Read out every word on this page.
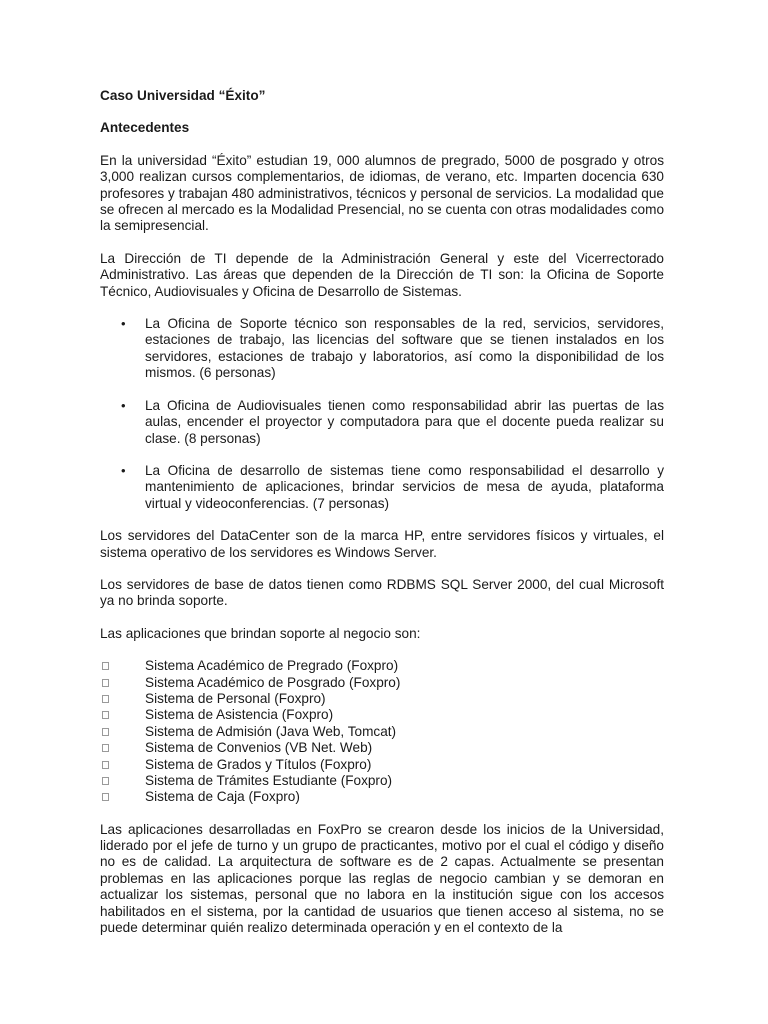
Caso Universidad “Éxito”

Antecedentes

En la universidad “Éxito” estudian 19, 000 alumnos de pregrado, 5000 de posgrado y otros 3,000 realizan cursos complementarios, de idiomas, de verano, etc. Imparten docencia 630 profesores y trabajan 480 administrativos, técnicos y personal de servicios. La modalidad que se ofrecen al mercado es la Modalidad Presencial, no se cuenta con otras modalidades como la semipresencial.

La Dirección de TI depende de la Administración General y este del Vicerrectorado Administrativo. Las áreas que dependen de la Dirección de TI son: la Oficina de Soporte Técnico, Audiovisuales y Oficina de Desarrollo de Sistemas.

• La Oficina de Soporte técnico son responsables de la red, servicios, servidores, estaciones de trabajo, las licencias del software que se tienen instalados en los servidores, estaciones de trabajo y laboratorios, así como la disponibilidad de los mismos. (6 personas)
• La Oficina de Audiovisuales tienen como responsabilidad abrir las puertas de las aulas, encender el proyector y computadora para que el docente pueda realizar su clase. (8 personas)
• La Oficina de desarrollo de sistemas tiene como responsabilidad el desarrollo y mantenimiento de aplicaciones, brindar servicios de mesa de ayuda, plataforma virtual y videoconferencias. (7 personas)

Los servidores del DataCenter son de la marca HP, entre servidores físicos y virtuales, el sistema operativo de los servidores es Windows Server.

Los servidores de base de datos tienen como RDBMS SQL Server 2000, del cual Microsoft ya no brinda soporte.

Las aplicaciones que brindan soporte al negocio son:

Sistema Académico de Pregrado (Foxpro)
Sistema Académico de Posgrado (Foxpro)
Sistema de Personal (Foxpro)
Sistema de Asistencia (Foxpro)
Sistema de Admisión (Java Web, Tomcat)
Sistema de Convenios (VB Net. Web)
Sistema de Grados y Títulos (Foxpro)
Sistema de Trámites Estudiante (Foxpro)
Sistema de Caja (Foxpro)

Las aplicaciones desarrolladas en FoxPro se crearon desde los inicios de la Universidad, liderado por el jefe de turno y un grupo de practicantes, motivo por el cual el código y diseño no es de calidad. La arquitectura de software es de 2 capas. Actualmente se presentan problemas en las aplicaciones porque las reglas de negocio cambian y se demoran en actualizar los sistemas, personal que no labora en la institución sigue con los accesos habilitados en el sistema, por la cantidad de usuarios que tienen acceso al sistema, no se puede determinar quién realizo determinada operación y en el contexto de la
